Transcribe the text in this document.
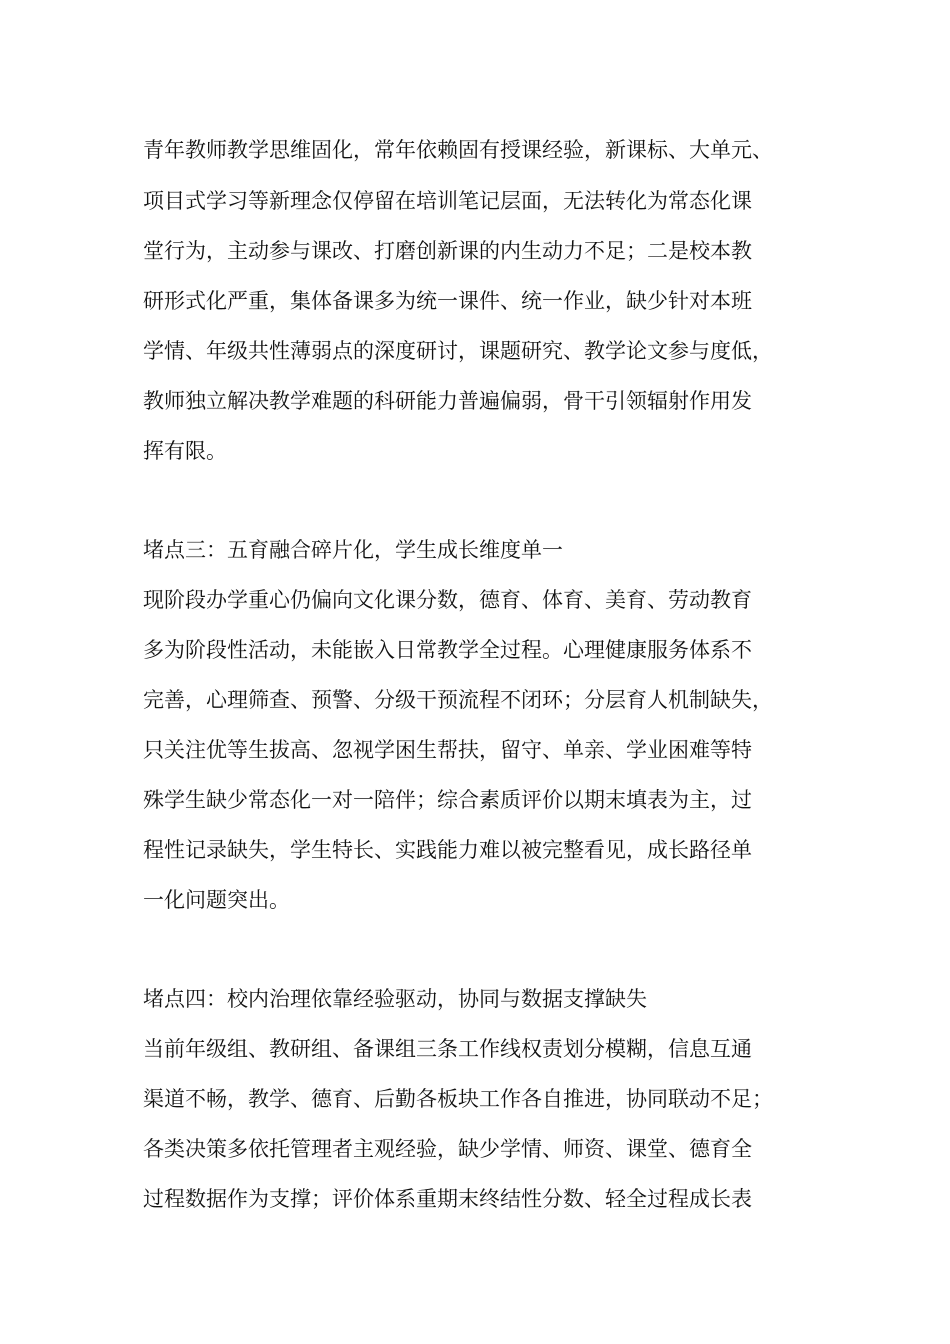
青年教师教学思维固化，常年依赖固有授课经验，新课标、大单元、
项目式学习等新理念仅停留在培训笔记层面，无法转化为常态化课
堂行为，主动参与课改、打磨创新课的内生动力不足；二是校本教
研形式化严重，集体备课多为统一课件、统一作业，缺少针对本班
学情、年级共性薄弱点的深度研讨，课题研究、教学论文参与度低，
教师独立解决教学难题的科研能力普遍偏弱，骨干引领辐射作用发
挥有限。
堵点三：五育融合碎片化，学生成长维度单一
现阶段办学重心仍偏向文化课分数，德育、体育、美育、劳动教育
多为阶段性活动，未能嵌入日常教学全过程。心理健康服务体系不
完善，心理筛查、预警、分级干预流程不闭环；分层育人机制缺失，
只关注优等生拔高、忽视学困生帮扶，留守、单亲、学业困难等特
殊学生缺少常态化一对一陪伴；综合素质评价以期末填表为主，过
程性记录缺失，学生特长、实践能力难以被完整看见，成长路径单
一化问题突出。
堵点四：校内治理依靠经验驱动，协同与数据支撑缺失
当前年级组、教研组、备课组三条工作线权责划分模糊，信息互通
渠道不畅，教学、德育、后勤各板块工作各自推进，协同联动不足；
各类决策多依托管理者主观经验，缺少学情、师资、课堂、德育全
过程数据作为支撑；评价体系重期末终结性分数、轻全过程成长表
